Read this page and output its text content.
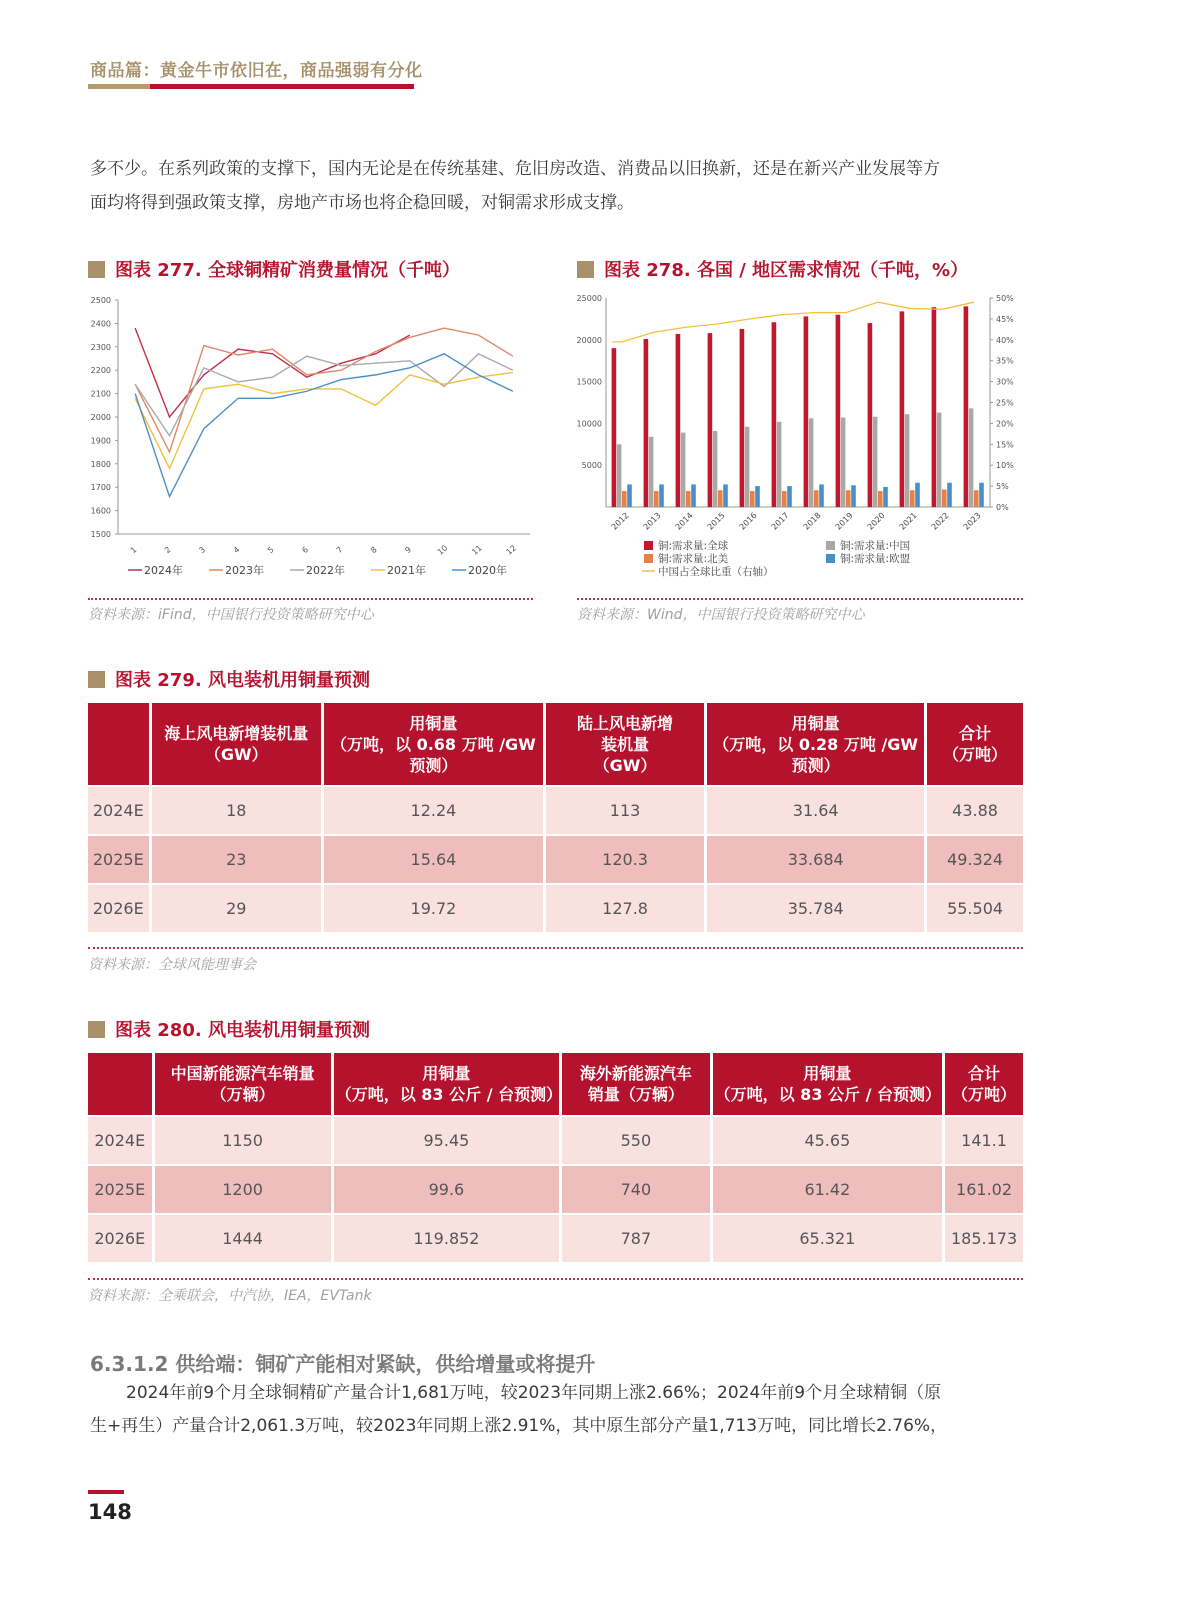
商品篇：黄金牛市依旧在，商品强弱有分化
多不少。在系列政策的支撑下，国内无论是在传统基建、危旧房改造、消费品以旧换新，还是在新兴产业发展等方
面均将得到强政策支撑，房地产市场也将企稳回暖，对铜需求形成支撑。
图表 277. 全球铜精矿消费量情况（千吨）
2500
2400
2300
2200
2100
2000
1900
1800
1700
1600
1500
1	2	3	4	5	6	7	8	9	10	11	12
2024年	2023年	2022年	2021年	2020年
资料来源：iFind，中国银行投资策略研究中心
图表 278. 各国 / 地区需求情况（千吨，%）
25000
20000
15000
10000
5000
50%
45%
40%
35%
30%
25%
20%
15%
10%
5%
0%
2012 2013 2014 2015 2016 2017 2018 2019 2020 2021 2022 2023
铜:需求量:全球	铜:需求量:中国
铜:需求量:北美	铜:需求量:欧盟
中国占全球比重（右轴）
资料来源：Wind，中国银行投资策略研究中心
图表 279. 风电装机用铜量预测
	海上风电新增装机量
（GW）	用铜量
（万吨，以 0.68 万吨 /GW
预测）	陆上风电新增
装机量
（GW）	用铜量
（万吨，以 0.28 万吨 /GW
预测）	合计
（万吨）
2024E	18	12.24	113	31.64	43.88
2025E	23	15.64	120.3	33.684	49.324
2026E	29	19.72	127.8	35.784	55.504
资料来源：全球风能理事会
图表 280. 风电装机用铜量预测
	中国新能源汽车销量
（万辆）	用铜量
（万吨，以 83 公斤 / 台预测）	海外新能源汽车
销量（万辆）	用铜量
（万吨，以 83 公斤 / 台预测）	合计
（万吨）
2024E	1150	95.45	550	45.65	141.1
2025E	1200	99.6	740	61.42	161.02
2026E	1444	119.852	787	65.321	185.173
资料来源：全乘联会，中汽协，IEA，EVTank
6.3.1.2 供给端：铜矿产能相对紧缺，供给增量或将提升
2024年前9个月全球铜精矿产量合计1,681万吨，较2023年同期上涨2.66%；2024年前9个月全球精铜（原
生+再生）产量合计2,061.3万吨，较2023年同期上涨2.91%，其中原生部分产量1,713万吨，同比增长2.76%，
148
